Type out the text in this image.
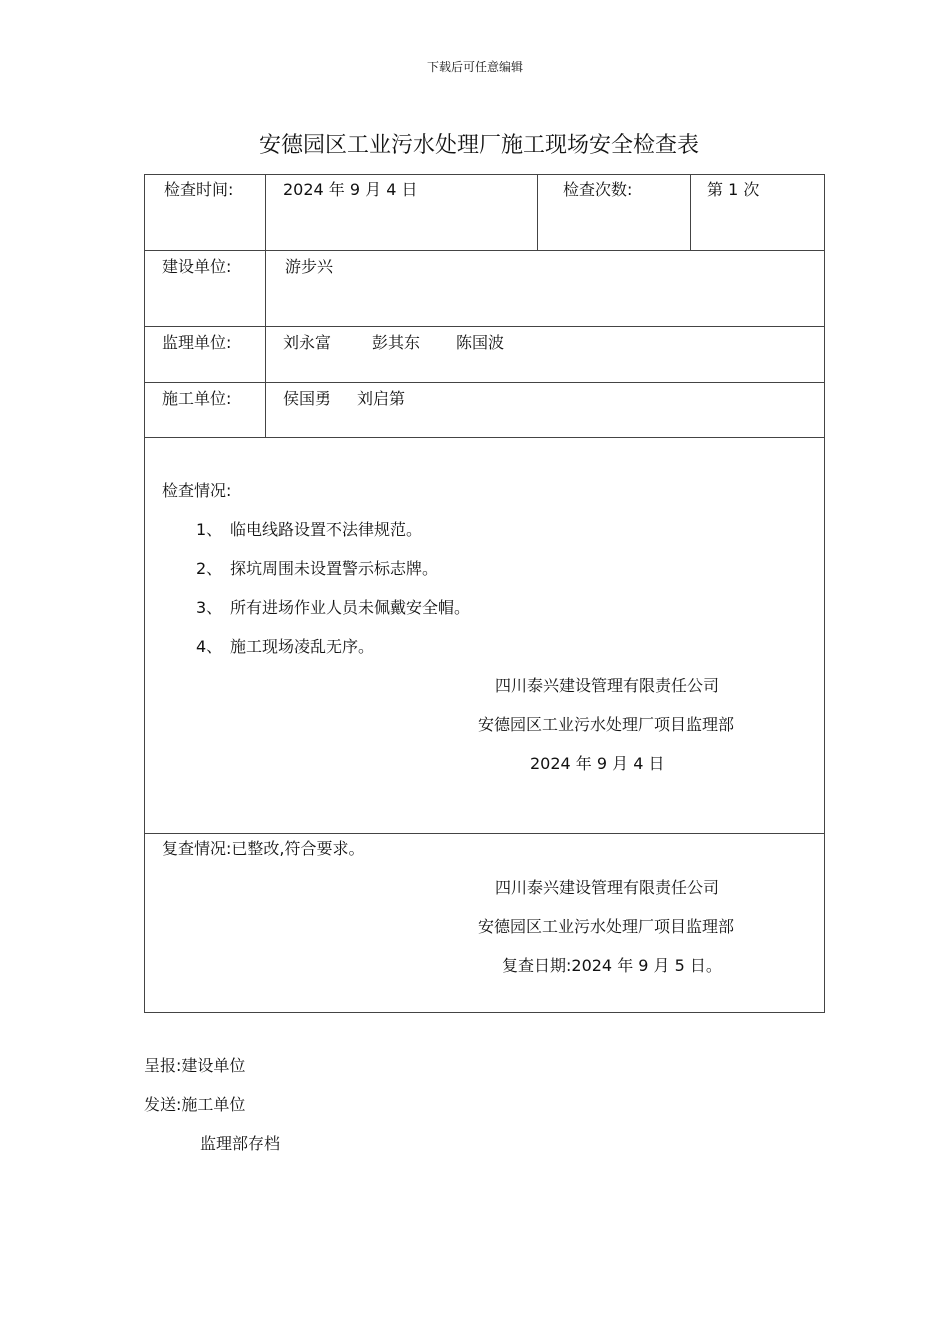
下载后可任意编辑
安德园区工业污水处理厂施工现场安全检查表
检查时间:	2024 年 9 月 4 日	检查次数:	第 1 次
建设单位:	游步兴
监理单位:	刘永富	彭其东 陈国波
施工单位:	侯国勇 刘启第
检查情况:
1、 临电线路设置不法律规范。
2、 探坑周围未设置警示标志牌。
3、 所有进场作业人员未佩戴安全帽。
4、 施工现场凌乱无序。
四川泰兴建设管理有限责任公司
安德园区工业污水处理厂项目监理部
2024 年 9 月 4 日
复查情况:已整改,符合要求。
四川泰兴建设管理有限责任公司
安德园区工业污水处理厂项目监理部
复查日期:2024 年 9 月 5 日。
呈报:建设单位
发送:施工单位
监理部存档
